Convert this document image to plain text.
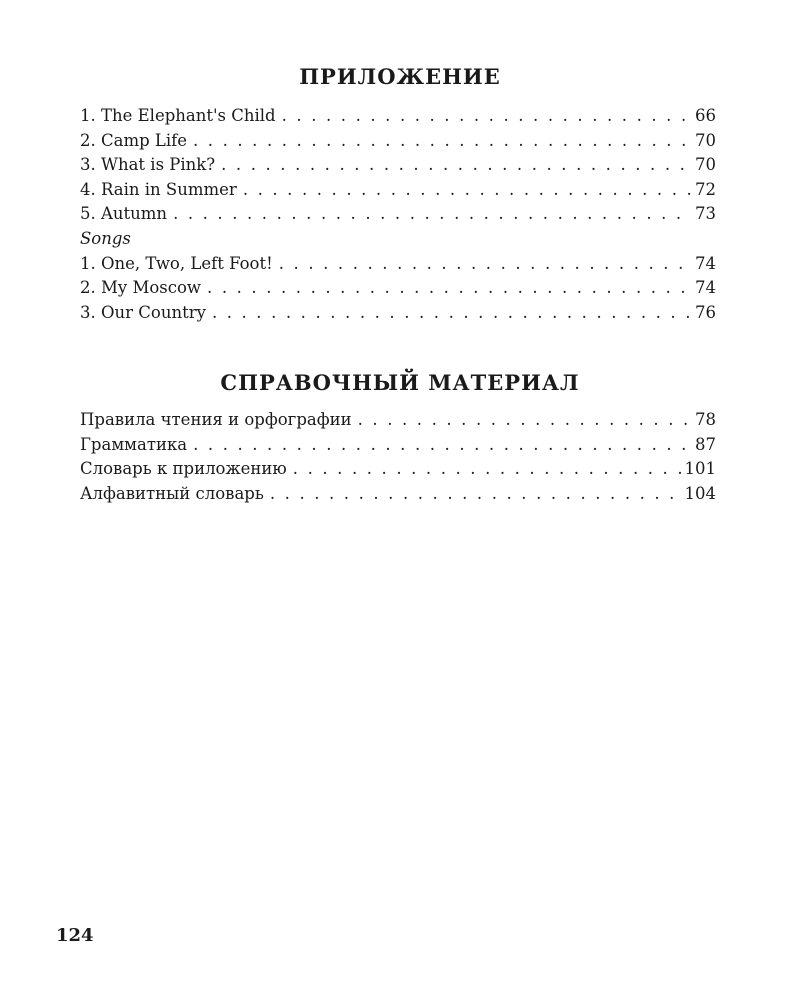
ПРИЛОЖЕНИЕ
1. The Elephant's Child . . .	66
2. Camp Life . . .	70
3. What is Pink? . . .	70
4. Rain in Summer . . .	72
5. Autumn . . .	73
Songs
1. One, Two, Left Foot! . . .	74
2. My Moscow . . .	74
3. Our Country . . .	76
СПРАВОЧНЫЙ МАТЕРИАЛ
Правила чтения и орфографии . . .	78
Грамматика . . .	87
Словарь к приложению . . .	101
Алфавитный словарь . . .	104
124
